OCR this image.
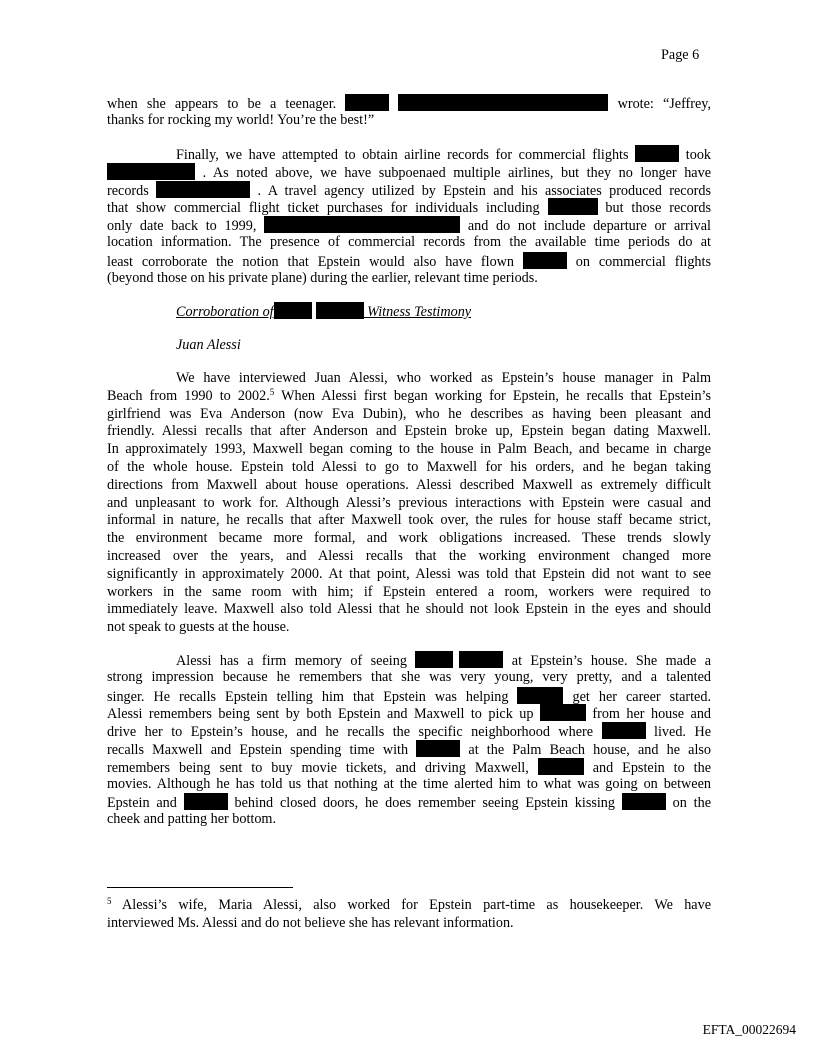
Page 6
when she appears to be a teenager.	wrote: “Jeffrey,
thanks for rocking my world! You’re the best!”
Finally, we have attempted to obtain airline records for commercial flights	took
. As noted above, we have subpoenaed multiple airlines, but they no longer have
records	. A travel agency utilized by Epstein and his associates produced records
that show commercial flight ticket purchases for individuals including	but those records
only date back to 1999,	and do not include departure or arrival
location information. The presence of commercial records from the available time periods do at
least corroborate the notion that Epstein would also have flown	on commercial flights
(beyond those on his private plane) during the earlier, relevant time periods.
Corroboration of	Witness Testimony
Juan Alessi
We have interviewed Juan Alessi, who worked as Epstein’s house manager in Palm
Beach from 1990 to 2002.$^5$ When Alessi first began working for Epstein, he recalls that Epstein’s
girlfriend was Eva Anderson (now Eva Dubin), who he describes as having been pleasant and
friendly. Alessi recalls that after Anderson and Epstein broke up, Epstein began dating Maxwell.
In approximately 1993, Maxwell began coming to the house in Palm Beach, and became in charge
of the whole house. Epstein told Alessi to go to Maxwell for his orders, and he began taking
directions from Maxwell about house operations. Alessi described Maxwell as extremely difficult
and unpleasant to work for. Although Alessi’s previous interactions with Epstein were casual and
informal in nature, he recalls that after Maxwell took over, the rules for house staff became strict,
the environment became more formal, and work obligations increased. These trends slowly
increased over the years, and Alessi recalls that the working environment changed more
significantly in approximately 2000. At that point, Alessi was told that Epstein did not want to see
workers in the same room with him; if Epstein entered a room, workers were required to
immediately leave. Maxwell also told Alessi that he should not look Epstein in the eyes and should
not speak to guests at the house.
Alessi has a firm memory of seeing	at Epstein’s house. She made a
strong impression because he remembers that she was very young, very pretty, and a talented
singer. He recalls Epstein telling him that Epstein was helping	get her career started.
Alessi remembers being sent by both Epstein and Maxwell to pick up	from her house and
drive her to Epstein’s house, and he recalls the specific neighborhood where	lived. He
recalls Maxwell and Epstein spending time with	at the Palm Beach house, and he also
remembers being sent to buy movie tickets, and driving Maxwell,	and Epstein to the
movies. Although he has told us that nothing at the time alerted him to what was going on between
Epstein and	behind closed doors, he does remember seeing Epstein kissing	on the
cheek and patting her bottom.
$^5$ Alessi’s wife, Maria Alessi, also worked for Epstein part-time as housekeeper. We have
interviewed Ms. Alessi and do not believe she has relevant information.
EFTA_00022694
